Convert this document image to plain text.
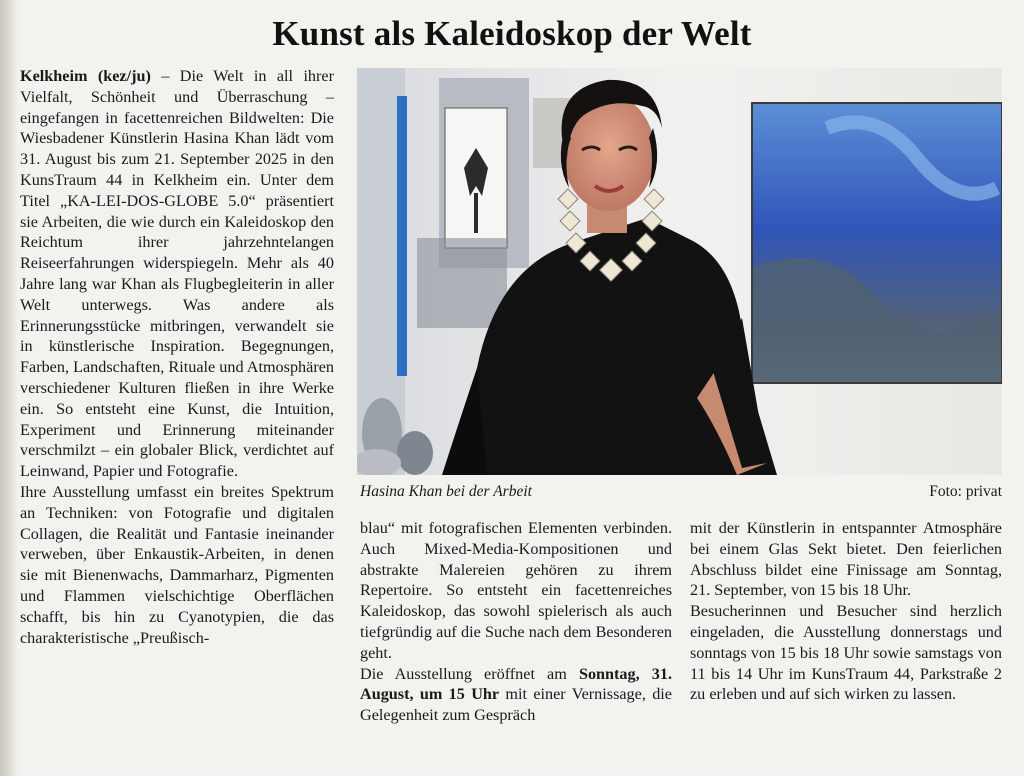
Kunst als Kaleidoskop der Welt

Kelkheim (kez/ju) – Die Welt in all ihrer Vielfalt, Schönheit und Überraschung – eingefangen in facettenreichen Bildwelten: Die Wiesbadener Künstlerin Hasina Khan lädt vom 31. August bis zum 21. September 2025 in den KunsTraum 44 in Kelkheim ein. Unter dem Titel „KA-LEI-DOS-GLOBE 5.0“ präsentiert sie Arbeiten, die wie durch ein Kaleidoskop den Reichtum ihrer jahrzehntelangen Reiseerfahrungen widerspiegeln. Mehr als 40 Jahre lang war Khan als Flugbegleiterin in aller Welt unterwegs. Was andere als Erinnerungsstücke mitbringen, verwandelt sie in künstlerische Inspiration. Begegnungen, Farben, Landschaften, Rituale und Atmosphären verschiedener Kulturen fließen in ihre Werke ein. So entsteht eine Kunst, die Intuition, Experiment und Erinnerung miteinander verschmilzt – ein globaler Blick, verdichtet auf Leinwand, Papier und Fotografie.

Ihre Ausstellung umfasst ein breites Spektrum an Techniken: von Fotografie und digitalen Collagen, die Realität und Fantasie ineinander verweben, über Enkaustik-Arbeiten, in denen sie mit Bienenwachs, Dammarharz, Pigmenten und Flammen vielschichtige Oberflächen schafft, bis hin zu Cyanotypien, die das charakteristische „Preußisch-

Hasina Khan bei der Arbeit	Foto: privat

blau“ mit fotografischen Elementen verbinden. Auch Mixed-Media-Kompositionen und abstrakte Malereien gehören zu ihrem Repertoire. So entsteht ein facettenreiches Kaleidoskop, das sowohl spielerisch als auch tiefgründig auf die Suche nach dem Besonderen geht.

Die Ausstellung eröffnet am Sonntag, 31. August, um 15 Uhr mit einer Vernissage, die Gelegenheit zum Gespräch

mit der Künstlerin in entspannter Atmosphäre bei einem Glas Sekt bietet. Den feierlichen Abschluss bildet eine Finissage am Sonntag, 21. September, von 15 bis 18 Uhr.

Besucherinnen und Besucher sind herzlich eingeladen, die Ausstellung donnerstags und sonntags von 15 bis 18 Uhr sowie samstags von 11 bis 14 Uhr im KunsTraum 44, Parkstraße 2 zu erleben und auf sich wirken zu lassen.
